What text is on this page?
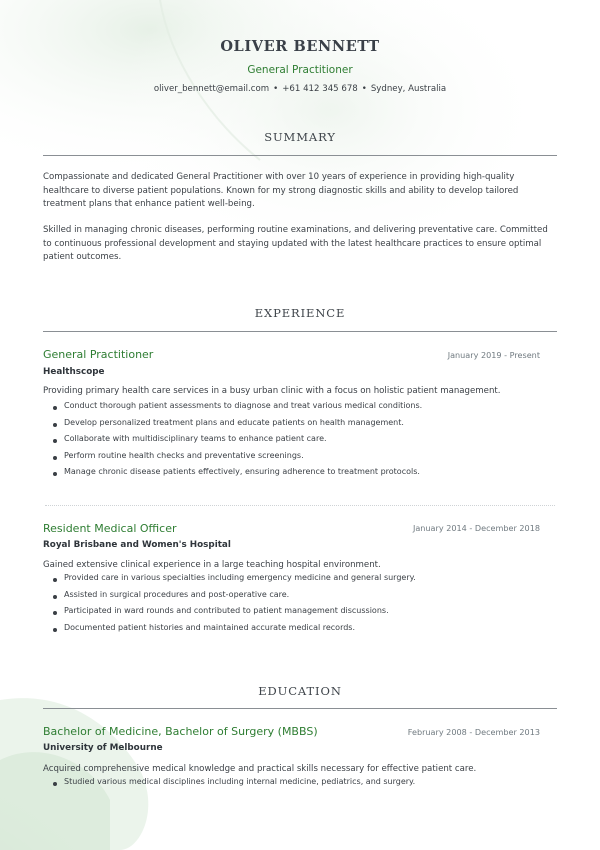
OLIVER BENNETT
General Practitioner
oliver_bennett@email.com • +61 412 345 678 • Sydney, Australia
SUMMARY
Compassionate and dedicated General Practitioner with over 10 years of experience in providing high-quality healthcare to diverse patient populations. Known for my strong diagnostic skills and ability to develop tailored treatment plans that enhance patient well-being.
Skilled in managing chronic diseases, performing routine examinations, and delivering preventative care. Committed to continuous professional development and staying updated with the latest healthcare practices to ensure optimal patient outcomes.
EXPERIENCE
General Practitioner	January 2019 - Present
Healthscope
Providing primary health care services in a busy urban clinic with a focus on holistic patient management.
Conduct thorough patient assessments to diagnose and treat various medical conditions.
Develop personalized treatment plans and educate patients on health management.
Collaborate with multidisciplinary teams to enhance patient care.
Perform routine health checks and preventative screenings.
Manage chronic disease patients effectively, ensuring adherence to treatment protocols.
Resident Medical Officer	January 2014 - December 2018
Royal Brisbane and Women's Hospital
Gained extensive clinical experience in a large teaching hospital environment.
Provided care in various specialties including emergency medicine and general surgery.
Assisted in surgical procedures and post-operative care.
Participated in ward rounds and contributed to patient management discussions.
Documented patient histories and maintained accurate medical records.
EDUCATION
Bachelor of Medicine, Bachelor of Surgery (MBBS)	February 2008 - December 2013
University of Melbourne
Acquired comprehensive medical knowledge and practical skills necessary for effective patient care.
Studied various medical disciplines including internal medicine, pediatrics, and surgery.
